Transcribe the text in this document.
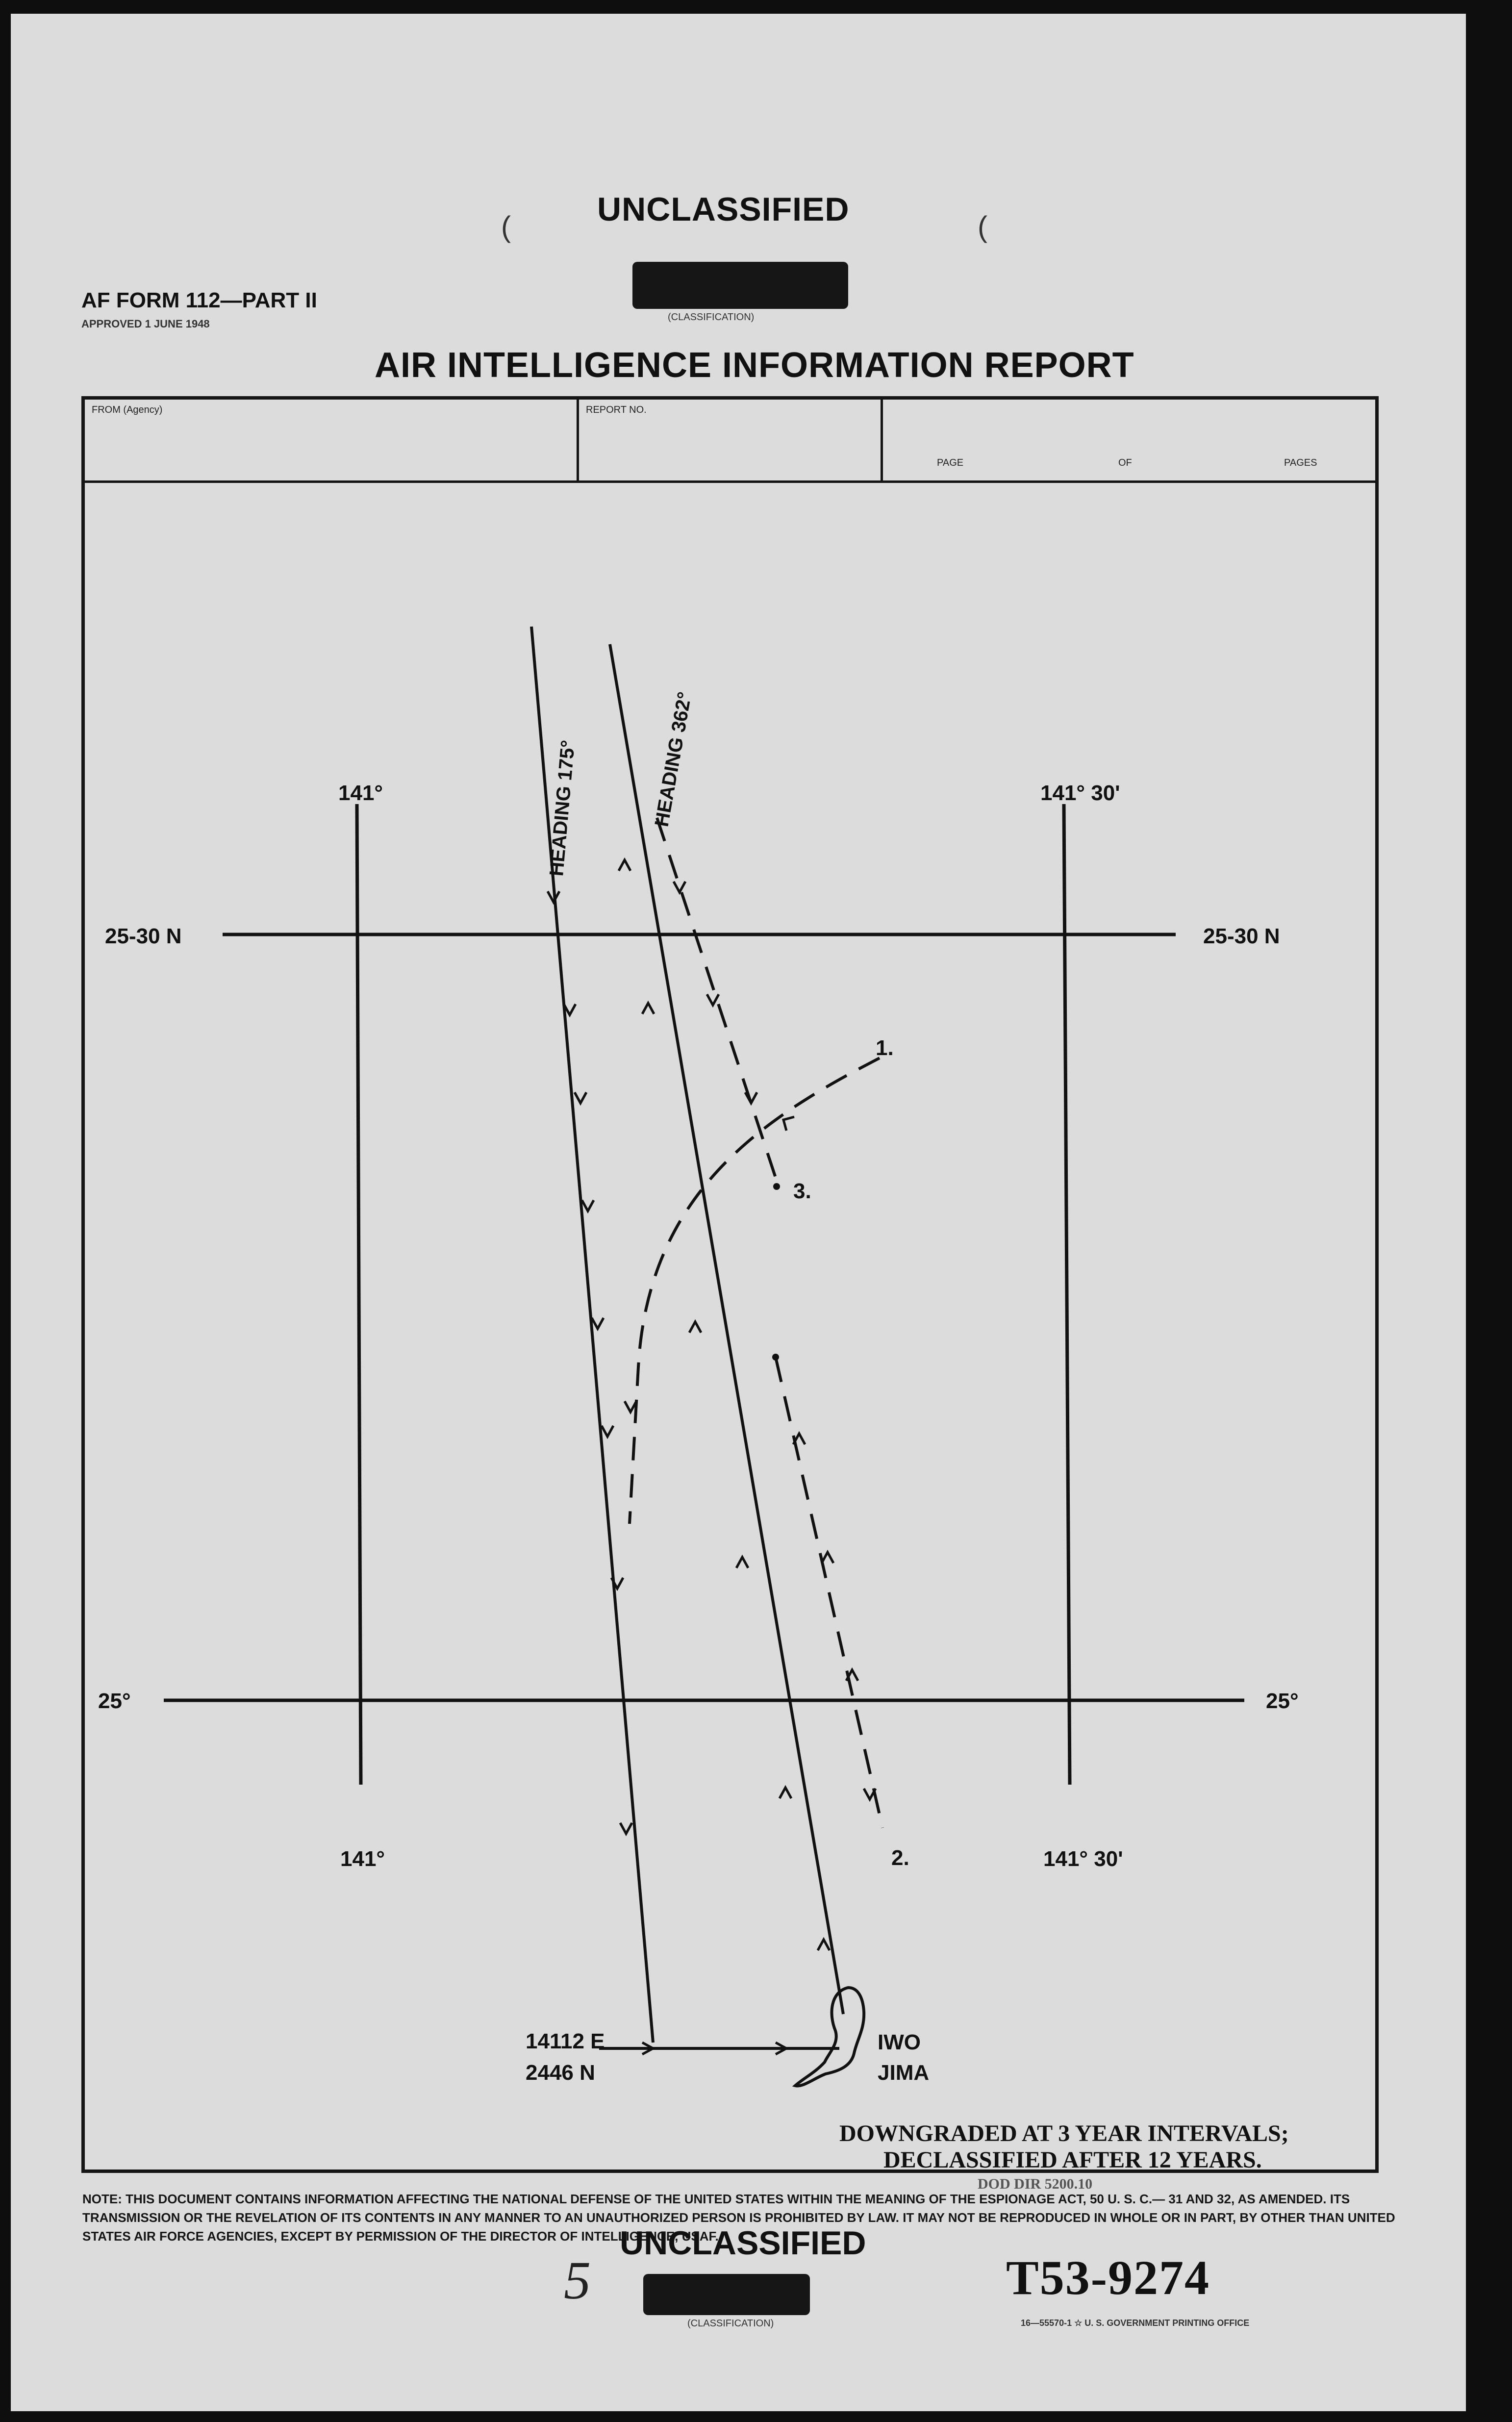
UNCLASSIFIED
(	(
(CLASSIFICATION)
AF FORM 112—PART II
APPROVED 1 JUNE 1948
AIR INTELLIGENCE INFORMATION REPORT
FROM (Agency)	REPORT NO.
PAGE	OF	PAGES
141°	141° 30'
141°	141° 30'
25-30 N	25-30 N
25°	25°
HEADING 175°	HEADING 362°
1.
3.
2.
14112 E
2446 N
IWO
JIMA
DOWNGRADED AT 3 YEAR INTERVALS;
DECLASSIFIED AFTER 12 YEARS.
DOD DIR 5200.10
NOTE: THIS DOCUMENT CONTAINS INFORMATION AFFECTING THE NATIONAL DEFENSE OF THE UNITED STATES WITHIN THE MEANING OF THE ESPIONAGE ACT, 50 U. S. C.— 31 AND 32, AS AMENDED. ITS TRANSMISSION OR THE REVELATION OF ITS CONTENTS IN ANY MANNER TO AN UNAUTHORIZED PERSON IS PROHIBITED BY LAW. IT MAY NOT BE REPRODUCED IN WHOLE OR IN PART, BY OTHER THAN UNITED STATES AIR FORCE AGENCIES, EXCEPT BY PERMISSION OF THE DIRECTOR OF INTELLIGENCE, USAF.
UNCLASSIFIED
5
(CLASSIFICATION)
T53-9274
16—55570-1 ☆ U. S. GOVERNMENT PRINTING OFFICE
